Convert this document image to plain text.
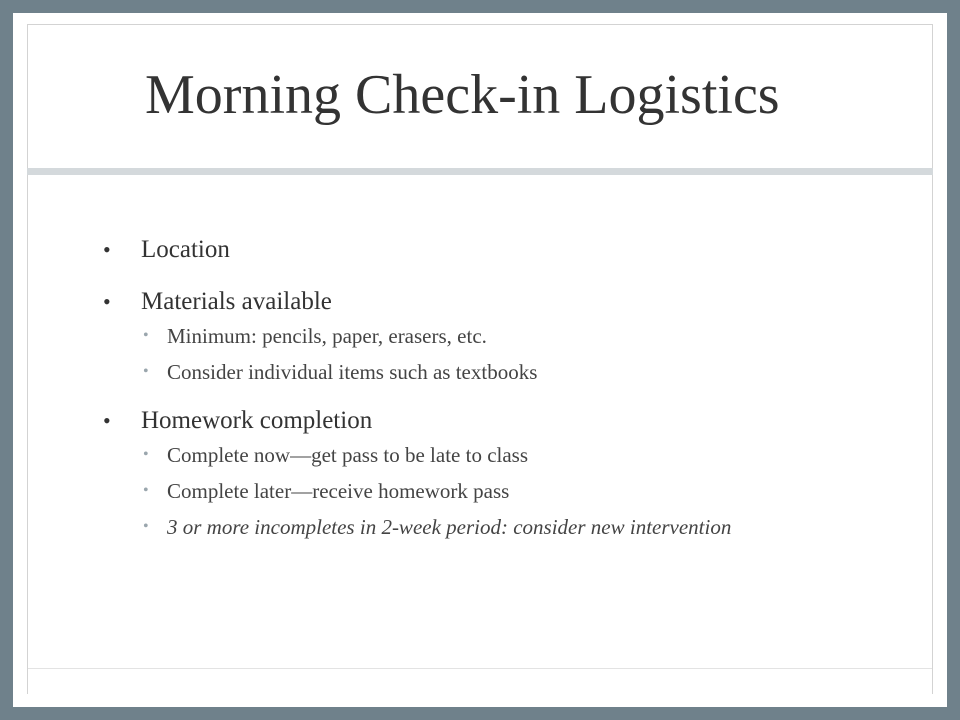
Morning Check-in Logistics
• Location
• Materials available
• Minimum: pencils, paper, erasers, etc.
• Consider individual items such as textbooks
• Homework completion
• Complete now—get pass to be late to class
• Complete later—receive homework pass
• 3 or more incompletes in 2-week period: consider new intervention
